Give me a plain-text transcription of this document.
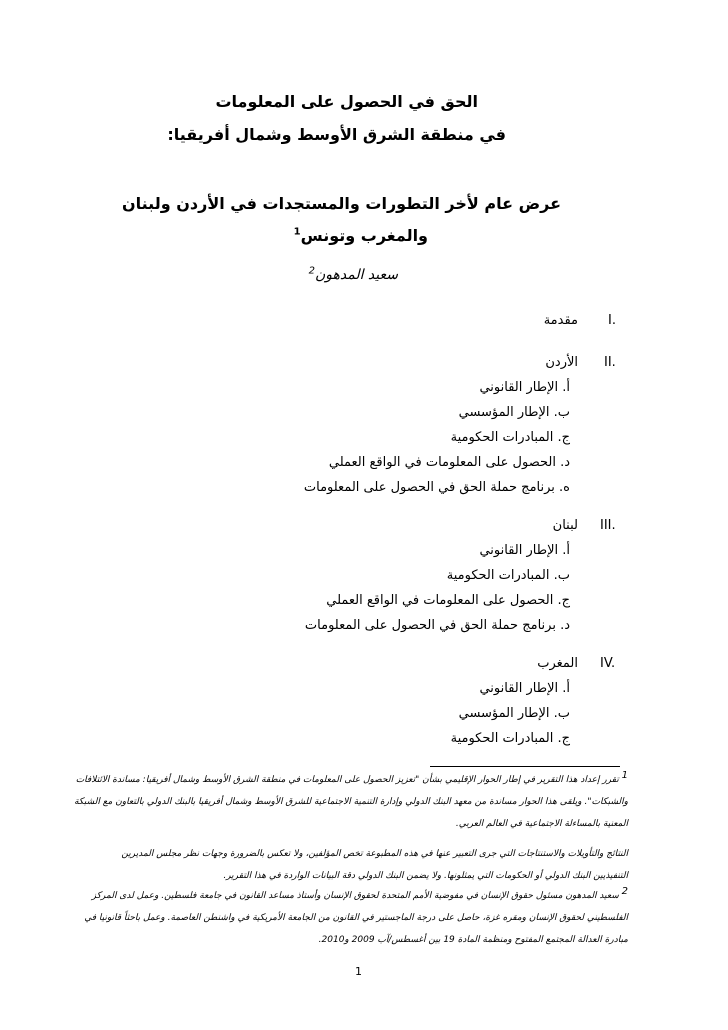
الحق في الحصول على المعلومات
في منطقة الشرق الأوسط وشمال أفريقيا:
عرض عام لأخر التطورات والمستجدات في الأردن ولبنان
والمغرب وتونس$^1$
سعيد المدهون$^2$
I.
مقدمة
II.
الأردن
أ. الإطار القانوني
ب. الإطار المؤسسي
ج. المبادرات الحكومية
د. الحصول على المعلومات في الواقع العملي
ه. برنامج حملة الحق في الحصول على المعلومات
III.
لبنان
أ. الإطار القانوني
ب. المبادرات الحكومية
ج. الحصول على المعلومات في الواقع العملي
د. برنامج حملة الحق في الحصول على المعلومات
IV.
المغرب
أ. الإطار القانوني
ب. الإطار المؤسسي
ج. المبادرات الحكومية
1 تقرر إعداد هذا التقرير في إطار الحوار الإقليمي بشأن "تعزيز الحصول على المعلومات في منطقة الشرق الأوسط وشمال أفريقيا: مساندة الائتلافات
والشبكات". ويلقى هذا الحوار مساندة من معهد البنك الدولي وإدارة التنمية الاجتماعية للشرق الأوسط وشمال أفريقيا بالبنك الدولي بالتعاون مع الشبكة
المعنية بالمساءلة الاجتماعية في العالم العربي.
النتائج والتأويلات والاستنتاجات التي جرى التعبير عنها في هذه المطبوعة تخص المؤلفين، ولا تعكس بالضرورة وجهات نظر مجلس المديرين
التنفيذيين البنك الدولي أو الحكومات التي يمثلونها. ولا يضمن البنك الدولي دقة البيانات الواردة في هذا التقرير.
2 سعيد المدهون مسئول حقوق الإنسان في مفوضية الأمم المتحدة لحقوق الإنسان وأستاذ مساعد القانون في جامعة فلسطين. وعمل لدى المركز
الفلسطيني لحقوق الإنسان ومقره غزة، حاصل على درجة الماجستير في القانون من الجامعة الأمريكية في واشنطن العاصمة. وعمل باحثاً قانونيا في
مبادرة العدالة المجتمع المفتوح ومنظمة المادة 19 بين أغسطس/آب 2009 و2010.
1
